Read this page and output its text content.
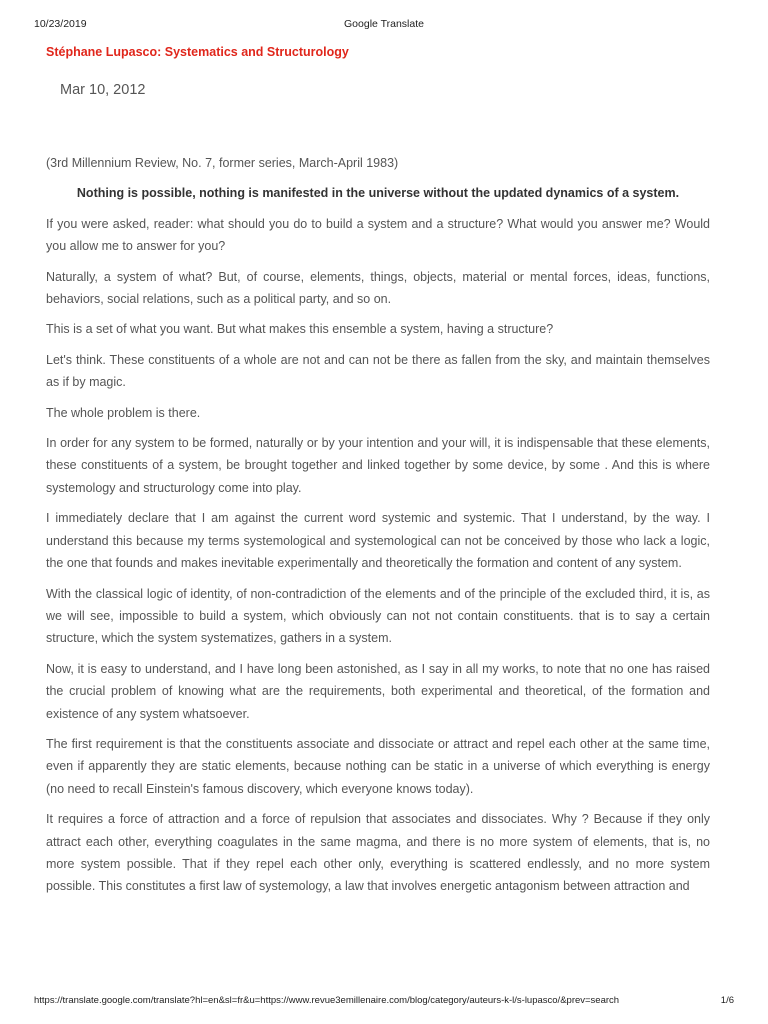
10/23/2019	Google Translate
Stéphane Lupasco: Systematics and Structurology
Mar 10, 2012

(3rd Millennium Review, No. 7, former series, March-April 1983)

Nothing is possible, nothing is manifested in the universe without the updated dynamics of a system.

If you were asked, reader: what should you do to build a system and a structure? What would you answer me? Would you allow me to answer for you?

Naturally, a system of what? But, of course, elements, things, objects, material or mental forces, ideas, functions, behaviors, social relations, such as a political party, and so on.

This is a set of what you want. But what makes this ensemble a system, having a structure?

Let's think. These constituents of a whole are not and can not be there as fallen from the sky, and maintain themselves as if by magic.

The whole problem is there.

In order for any system to be formed, naturally or by your intention and your will, it is indispensable that these elements, these constituents of a system, be brought together and linked together by some device, by some . And this is where systemology and structurology come into play.

I immediately declare that I am against the current word systemic and systemic. That I understand, by the way. I understand this because my terms systemological and systemological can not be conceived by those who lack a logic, the one that founds and makes inevitable experimentally and theoretically the formation and content of any system.

With the classical logic of identity, of non-contradiction of the elements and of the principle of the excluded third, it is, as we will see, impossible to build a system, which obviously can not not contain constituents. that is to say a certain structure, which the system systematizes, gathers in a system.

Now, it is easy to understand, and I have long been astonished, as I say in all my works, to note that no one has raised the crucial problem of knowing what are the requirements, both experimental and theoretical, of the formation and existence of any system whatsoever.

The first requirement is that the constituents associate and dissociate or attract and repel each other at the same time, even if apparently they are static elements, because nothing can be static in a universe of which everything is energy (no need to recall Einstein's famous discovery, which everyone knows today).

It requires a force of attraction and a force of repulsion that associates and dissociates. Why ? Because if they only attract each other, everything coagulates in the same magma, and there is no more system of elements, that is, no more system possible. That if they repel each other only, everything is scattered endlessly, and no more system possible. This constitutes a first law of systemology, a law that involves energetic antagonism between attraction and

https://translate.google.com/translate?hl=en&sl=fr&u=https://www.revue3emillenaire.com/blog/category/auteurs-k-l/s-lupasco/&prev=search	1/6
